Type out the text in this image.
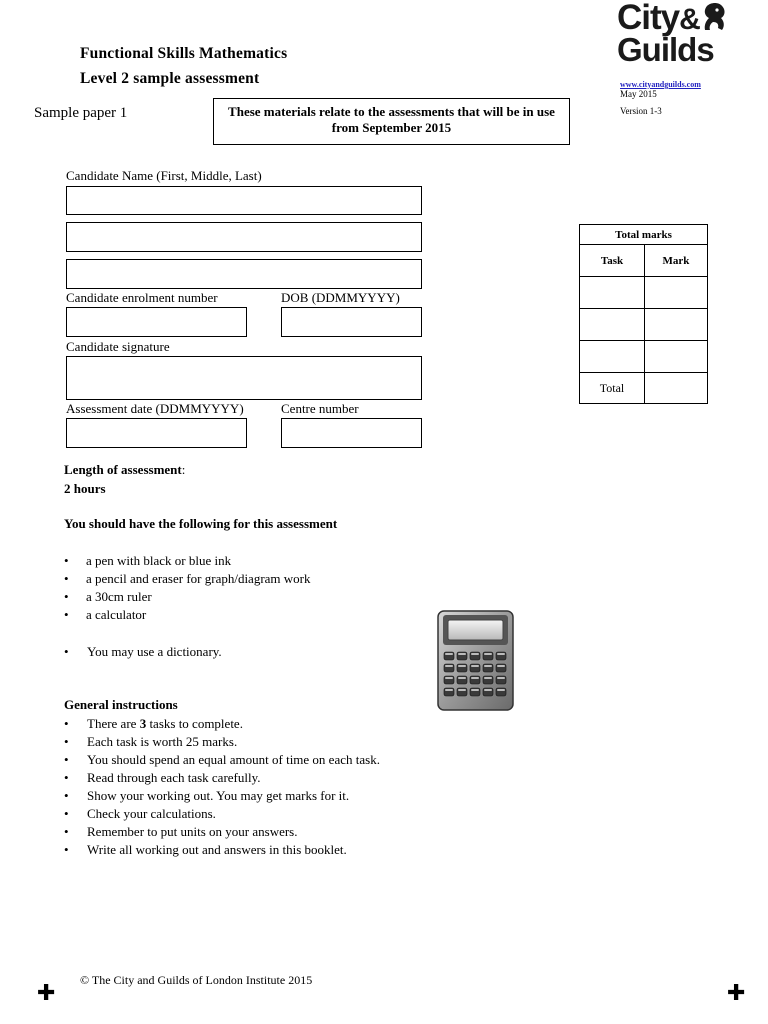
Functional Skills Mathematics
Level 2 sample assessment
Sample paper 1	These materials relate to the assessments that will be in use from September 2015
City&
Guilds
www.cityandguilds.com
May 2015
Version 1-3
Candidate Name (First, Middle, Last)
Candidate enrolment number	DOB (DDMMYYYY)
Candidate signature
Assessment date (DDMMYYYY)	Centre number
Total marks	
Task	Mark

Total	
Length of assessment:
2 hours
You should have the following for this assessment
• a pen with black or blue ink
• a pencil and eraser for graph/diagram work
• a 30cm ruler
• a calculator
• You may use a dictionary.
General instructions
• There are 3 tasks to complete.
• Each task is worth 25 marks.
• You should spend an equal amount of time on each task.
• Read through each task carefully.
• Show your working out. You may get marks for it.
• Check your calculations.
• Remember to put units on your answers.
• Write all working out and answers in this booklet.
© The City and Guilds of London Institute 2015
✚	✚
